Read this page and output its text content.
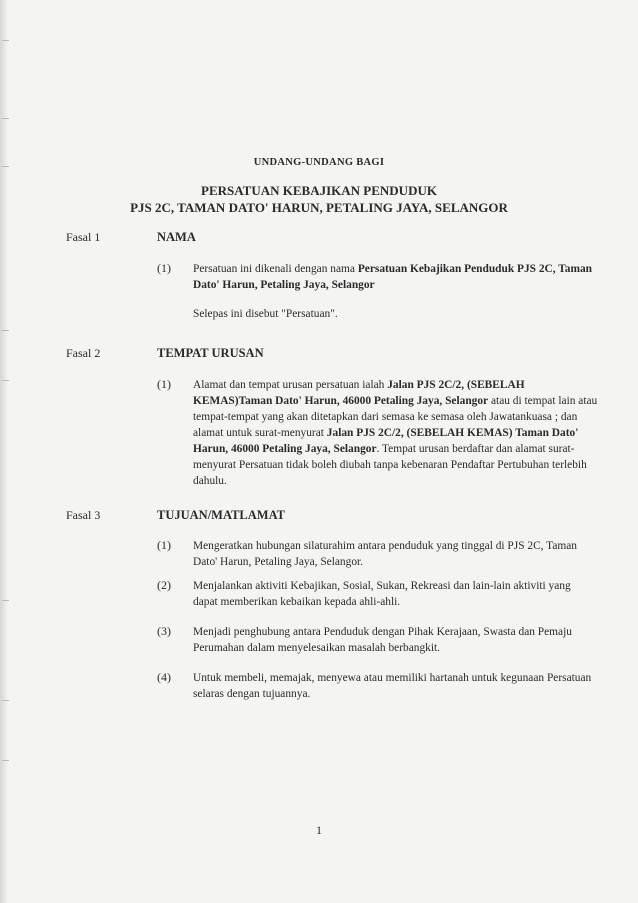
UNDANG-UNDANG BAGI
PERSATUAN KEBAJIKAN PENDUDUK
PJS 2C, TAMAN DATO' HARUN, PETALING JAYA, SELANGOR
Fasal 1	NAMA
(1) Persatuan ini dikenali dengan nama Persatuan Kebajikan Penduduk PJS 2C, Taman Dato' Harun, Petaling Jaya, Selangor
Selepas ini disebut "Persatuan".
Fasal 2	TEMPAT URUSAN
(1) Alamat dan tempat urusan persatuan ialah Jalan PJS 2C/2, (SEBELAH KEMAS)Taman Dato' Harun, 46000 Petaling Jaya, Selangor atau di tempat lain atau tempat-tempat yang akan ditetapkan dari semasa ke semasa oleh Jawatankuasa ; dan alamat untuk surat-menyurat Jalan PJS 2C/2, (SEBELAH KEMAS) Taman Dato' Harun, 46000 Petaling Jaya, Selangor. Tempat urusan berdaftar dan alamat surat-menyurat Persatuan tidak boleh diubah tanpa kebenaran Pendaftar Pertubuhan terlebih dahulu.
Fasal 3	TUJUAN/MATLAMAT
(1) Mengeratkan hubungan silaturahim antara penduduk yang tinggal di PJS 2C, Taman Dato' Harun, Petaling Jaya, Selangor.
(2) Menjalankan aktiviti Kebajikan, Sosial, Sukan, Rekreasi dan lain-lain aktiviti yang dapat memberikan kebaikan kepada ahli-ahli.
(3) Menjadi penghubung antara Penduduk dengan Pihak Kerajaan, Swasta dan Pemaju Perumahan dalam menyelesaikan masalah berbangkit.
(4) Untuk membeli, memajak, menyewa atau memiliki hartanah untuk kegunaan Persatuan selaras dengan tujuannya.
1
